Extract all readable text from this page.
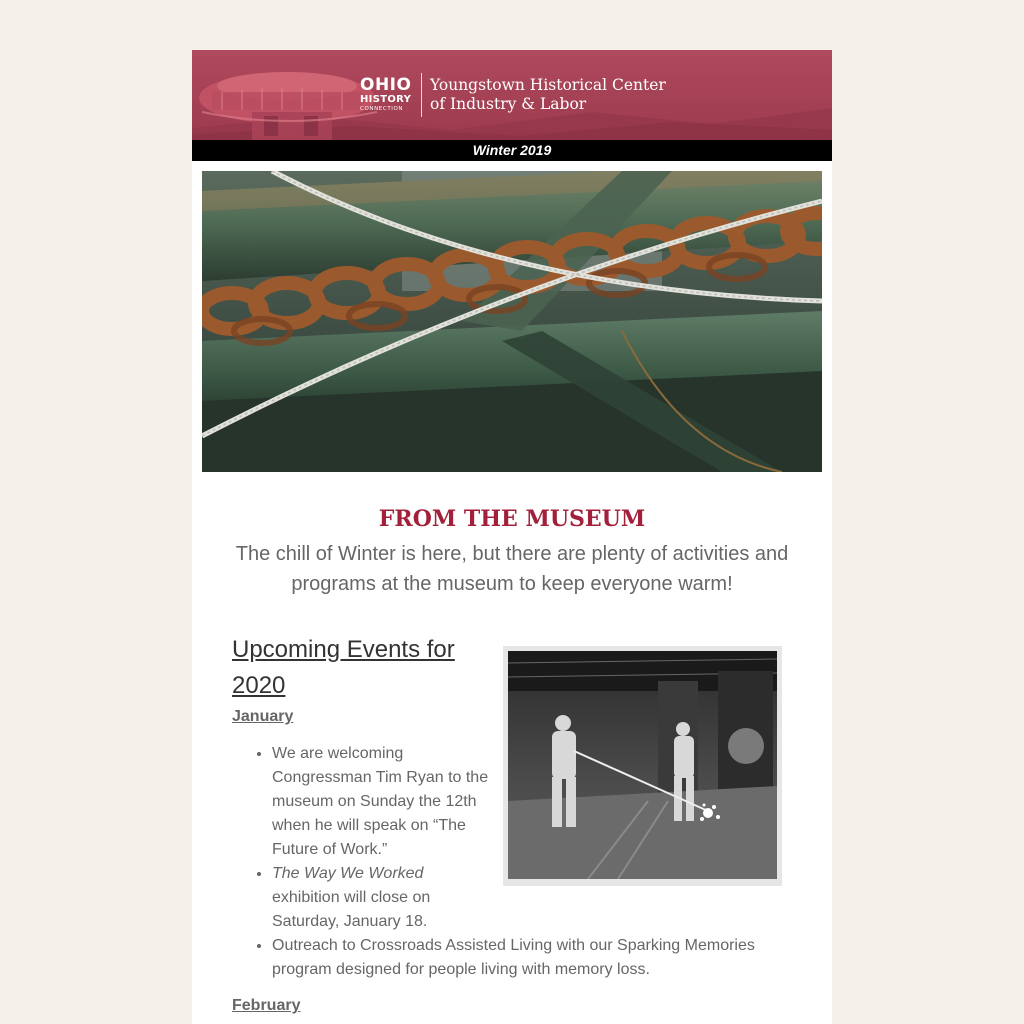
OHIO
HISTORY
CONNECTION
Youngstown Historical Center
of Industry & Labor
Winter 2019
FROM THE MUSEUM

The chill of Winter is here, but there are plenty of activities and programs at the museum to keep everyone warm!

Upcoming Events for 2020
January
• We are welcoming Congressman Tim Ryan to the museum on Sunday the 12th when he will speak on “The Future of Work.”
• The Way We Worked exhibition will close on Saturday, January 18.
• Outreach to Crossroads Assisted Living with our Sparking Memories program designed for people living with memory loss.
February
